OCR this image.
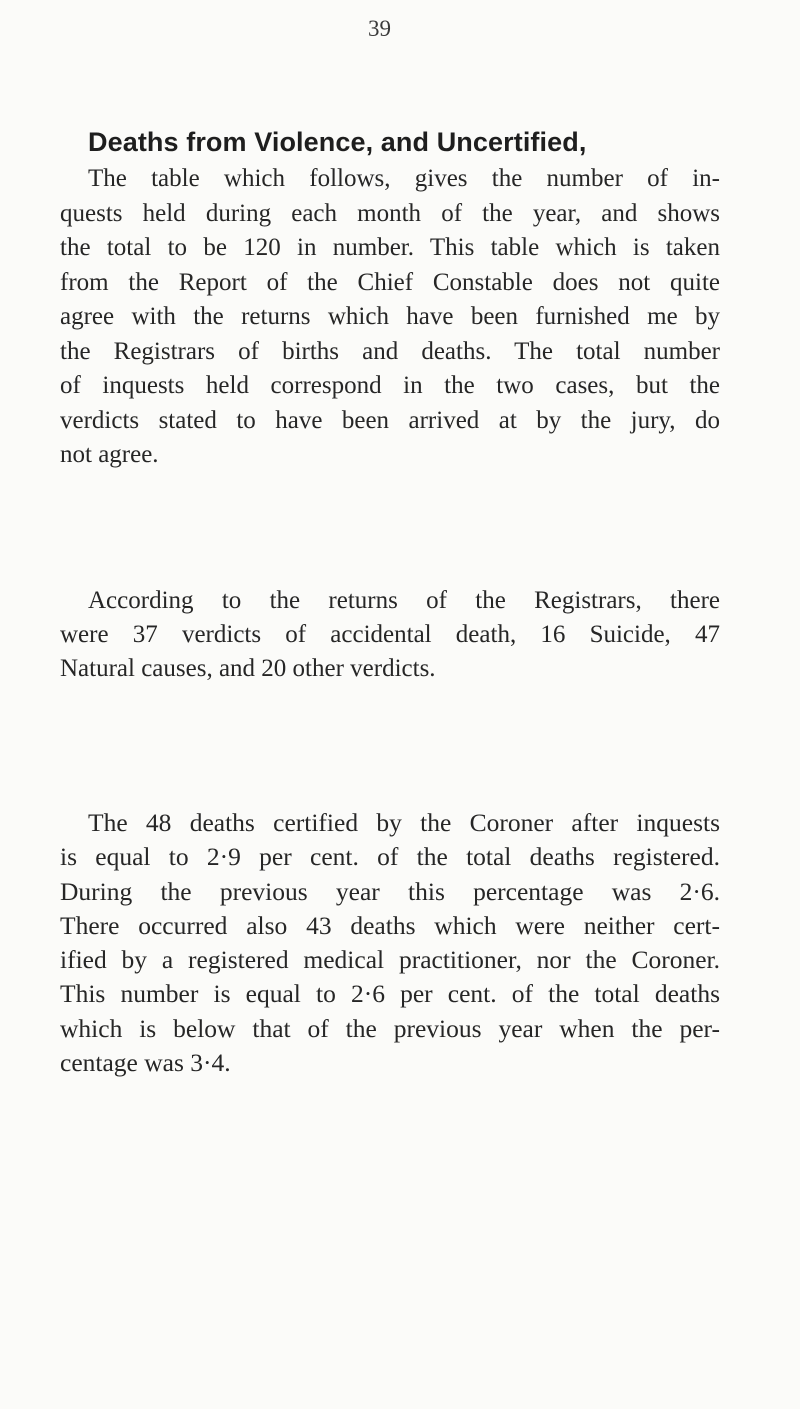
39
Deaths from Violence, and Uncertified,
The table which follows, gives the number of in-
quests held during each month of the year, and shows
the total to be 120 in number. This table which is taken
from the Report of the Chief Constable does not quite
agree with the returns which have been furnished me by
the Registrars of births and deaths. The total number
of inquests held correspond in the two cases, but the
verdicts stated to have been arrived at by the jury, do
not agree.
According to the returns of the Registrars, there
were 37 verdicts of accidental death, 16 Suicide, 47
Natural causes, and 20 other verdicts.
The 48 deaths certified by the Coroner after inquests
is equal to 2·9 per cent. of the total deaths registered.
During the previous year this percentage was 2·6.
There occurred also 43 deaths which were neither cert-
ified by a registered medical practitioner, nor the Coroner.
This number is equal to 2·6 per cent. of the total deaths
which is below that of the previous year when the per-
centage was 3·4.
